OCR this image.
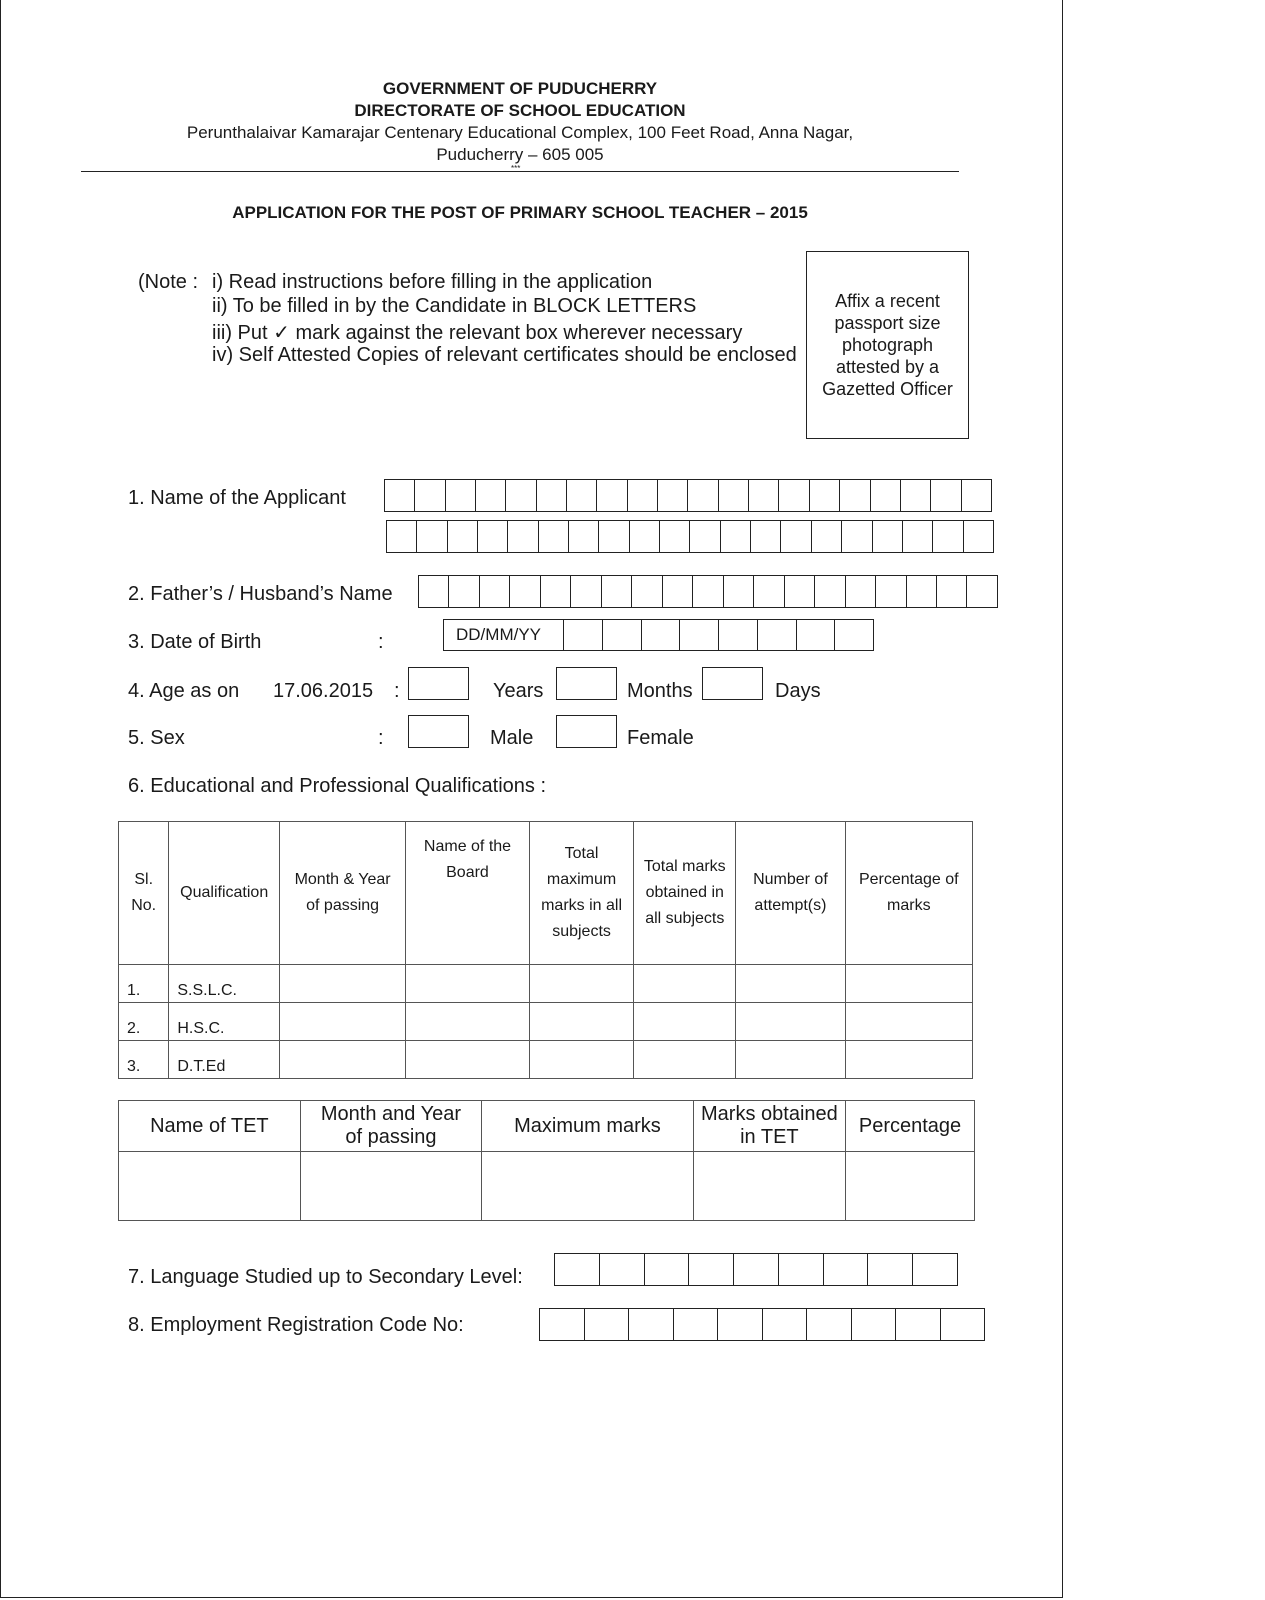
GOVERNMENT OF PUDUCHERRY
DIRECTORATE OF SCHOOL EDUCATION
Perunthalaivar Kamarajar Centenary Educational Complex, 100 Feet Road, Anna Nagar,
Puducherry – 605 005
***
APPLICATION FOR THE POST OF PRIMARY SCHOOL TEACHER – 2015
(Note : i) Read instructions before filling in the application
ii) To be filled in by the Candidate in BLOCK LETTERS
iii) Put ✓ mark against the relevant box wherever necessary
iv) Self Attested Copies of relevant certificates should be enclosed
Affix a recent passport size photograph attested by a Gazetted Officer
1. Name of the Applicant
2. Father’s / Husband’s Name
3. Date of Birth	:	DD/MM/YY
4. Age as on 17.06.2015 :	Years	Months	Days
5. Sex	:	Male	Female
6. Educational and Professional Qualifications :
Sl. No.	Qualification	Month & Year of passing	Name of the Board	Total maximum marks in all subjects	Total marks obtained in all subjects	Number of attempt(s)	Percentage of marks
1.	S.S.L.C.						
2.	H.S.C.						
3.	D.T.Ed						
Name of TET	Month and Year of passing	Maximum marks	Marks obtained in TET	Percentage

7. Language Studied up to Secondary Level:
8. Employment Registration Code No:
